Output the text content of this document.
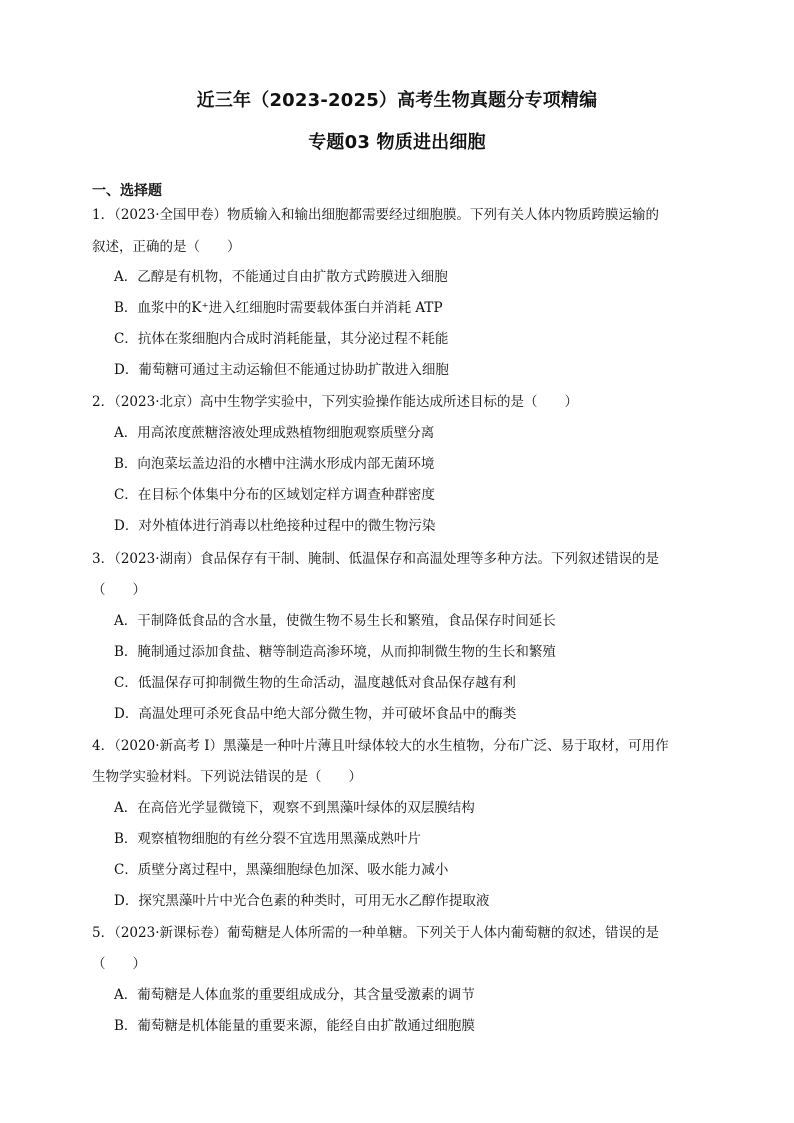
近三年（2023-2025）高考生物真题分专项精编
专题03 物质进出细胞
一、选择题
1．（2023·全国甲卷）物质输入和输出细胞都需要经过细胞膜。下列有关人体内物质跨膜运输的
叙述，正确的是（　　）
A．乙醇是有机物，不能通过自由扩散方式跨膜进入细胞
B．血浆中的K⁺进入红细胞时需要载体蛋白并消耗 ATP
C．抗体在浆细胞内合成时消耗能量，其分泌过程不耗能
D．葡萄糖可通过主动运输但不能通过协助扩散进入细胞
2．（2023·北京）高中生物学实验中，下列实验操作能达成所述目标的是（　　）
A．用高浓度蔗糖溶液处理成熟植物细胞观察质壁分离
B．向泡菜坛盖边沿的水槽中注满水形成内部无菌环境
C．在目标个体集中分布的区域划定样方调查种群密度
D．对外植体进行消毒以杜绝接种过程中的微生物污染
3．（2023·湖南）食品保存有干制、腌制、低温保存和高温处理等多种方法。下列叙述错误的是
（　　）
A．干制降低食品的含水量，使微生物不易生长和繁殖，食品保存时间延长
B．腌制通过添加食盐、糖等制造高渗环境，从而抑制微生物的生长和繁殖
C．低温保存可抑制微生物的生命活动，温度越低对食品保存越有利
D．高温处理可杀死食品中绝大部分微生物，并可破坏食品中的酶类
4．（2020·新高考 I）黑藻是一种叶片薄且叶绿体较大的水生植物，分布广泛、易于取材，可用作
生物学实验材料。下列说法错误的是（　　）
A．在高倍光学显微镜下，观察不到黑藻叶绿体的双层膜结构
B．观察植物细胞的有丝分裂不宜选用黑藻成熟叶片
C．质壁分离过程中，黑藻细胞绿色加深、吸水能力减小
D．探究黑藻叶片中光合色素的种类时，可用无水乙醇作提取液
5．（2023·新课标卷）葡萄糖是人体所需的一种单糖。下列关于人体内葡萄糖的叙述，错误的是
（　　）
A．葡萄糖是人体血浆的重要组成成分，其含量受激素的调节
B．葡萄糖是机体能量的重要来源，能经自由扩散通过细胞膜
